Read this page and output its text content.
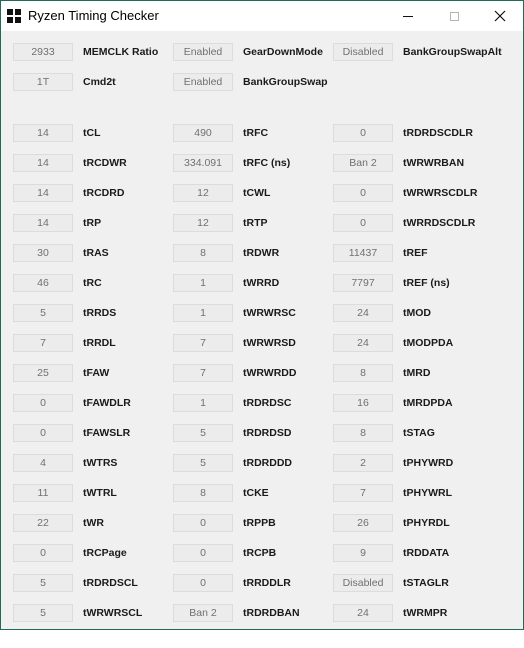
Ryzen Timing Checker
2933	MEMCLK Ratio	Enabled	GearDownMode	Disabled	BankGroupSwapAlt
1T	Cmd2t	Enabled	BankGroupSwap
14	tCL	490	tRFC	0	tRDRDSCDLR
14	tRCDWR	334.091	tRFC (ns)	Ban 2	tWRWRBAN
14	tRCDRD	12	tCWL	0	tWRWRSCDLR
14	tRP	12	tRTP	0	tWRRDSCDLR
30	tRAS	8	tRDWR	11437	tREF
46	tRC	1	tWRRD	7797	tREF (ns)
5	tRRDS	1	tWRWRSC	24	tMOD
7	tRRDL	7	tWRWRSD	24	tMODPDA
25	tFAW	7	tWRWRDD	8	tMRD
0	tFAWDLR	1	tRDRDSC	16	tMRDPDA
0	tFAWSLR	5	tRDRDSD	8	tSTAG
4	tWTRS	5	tRDRDDD	2	tPHYWRD
11	tWTRL	8	tCKE	7	tPHYWRL
22	tWR	0	tRPPB	26	tPHYRDL
0	tRCPage	0	tRCPB	9	tRDDATA
5	tRDRDSCL	0	tRRDDLR	Disabled	tSTAGLR
5	tWRWRSCL	Ban 2	tRDRDBAN	24	tWRMPR
